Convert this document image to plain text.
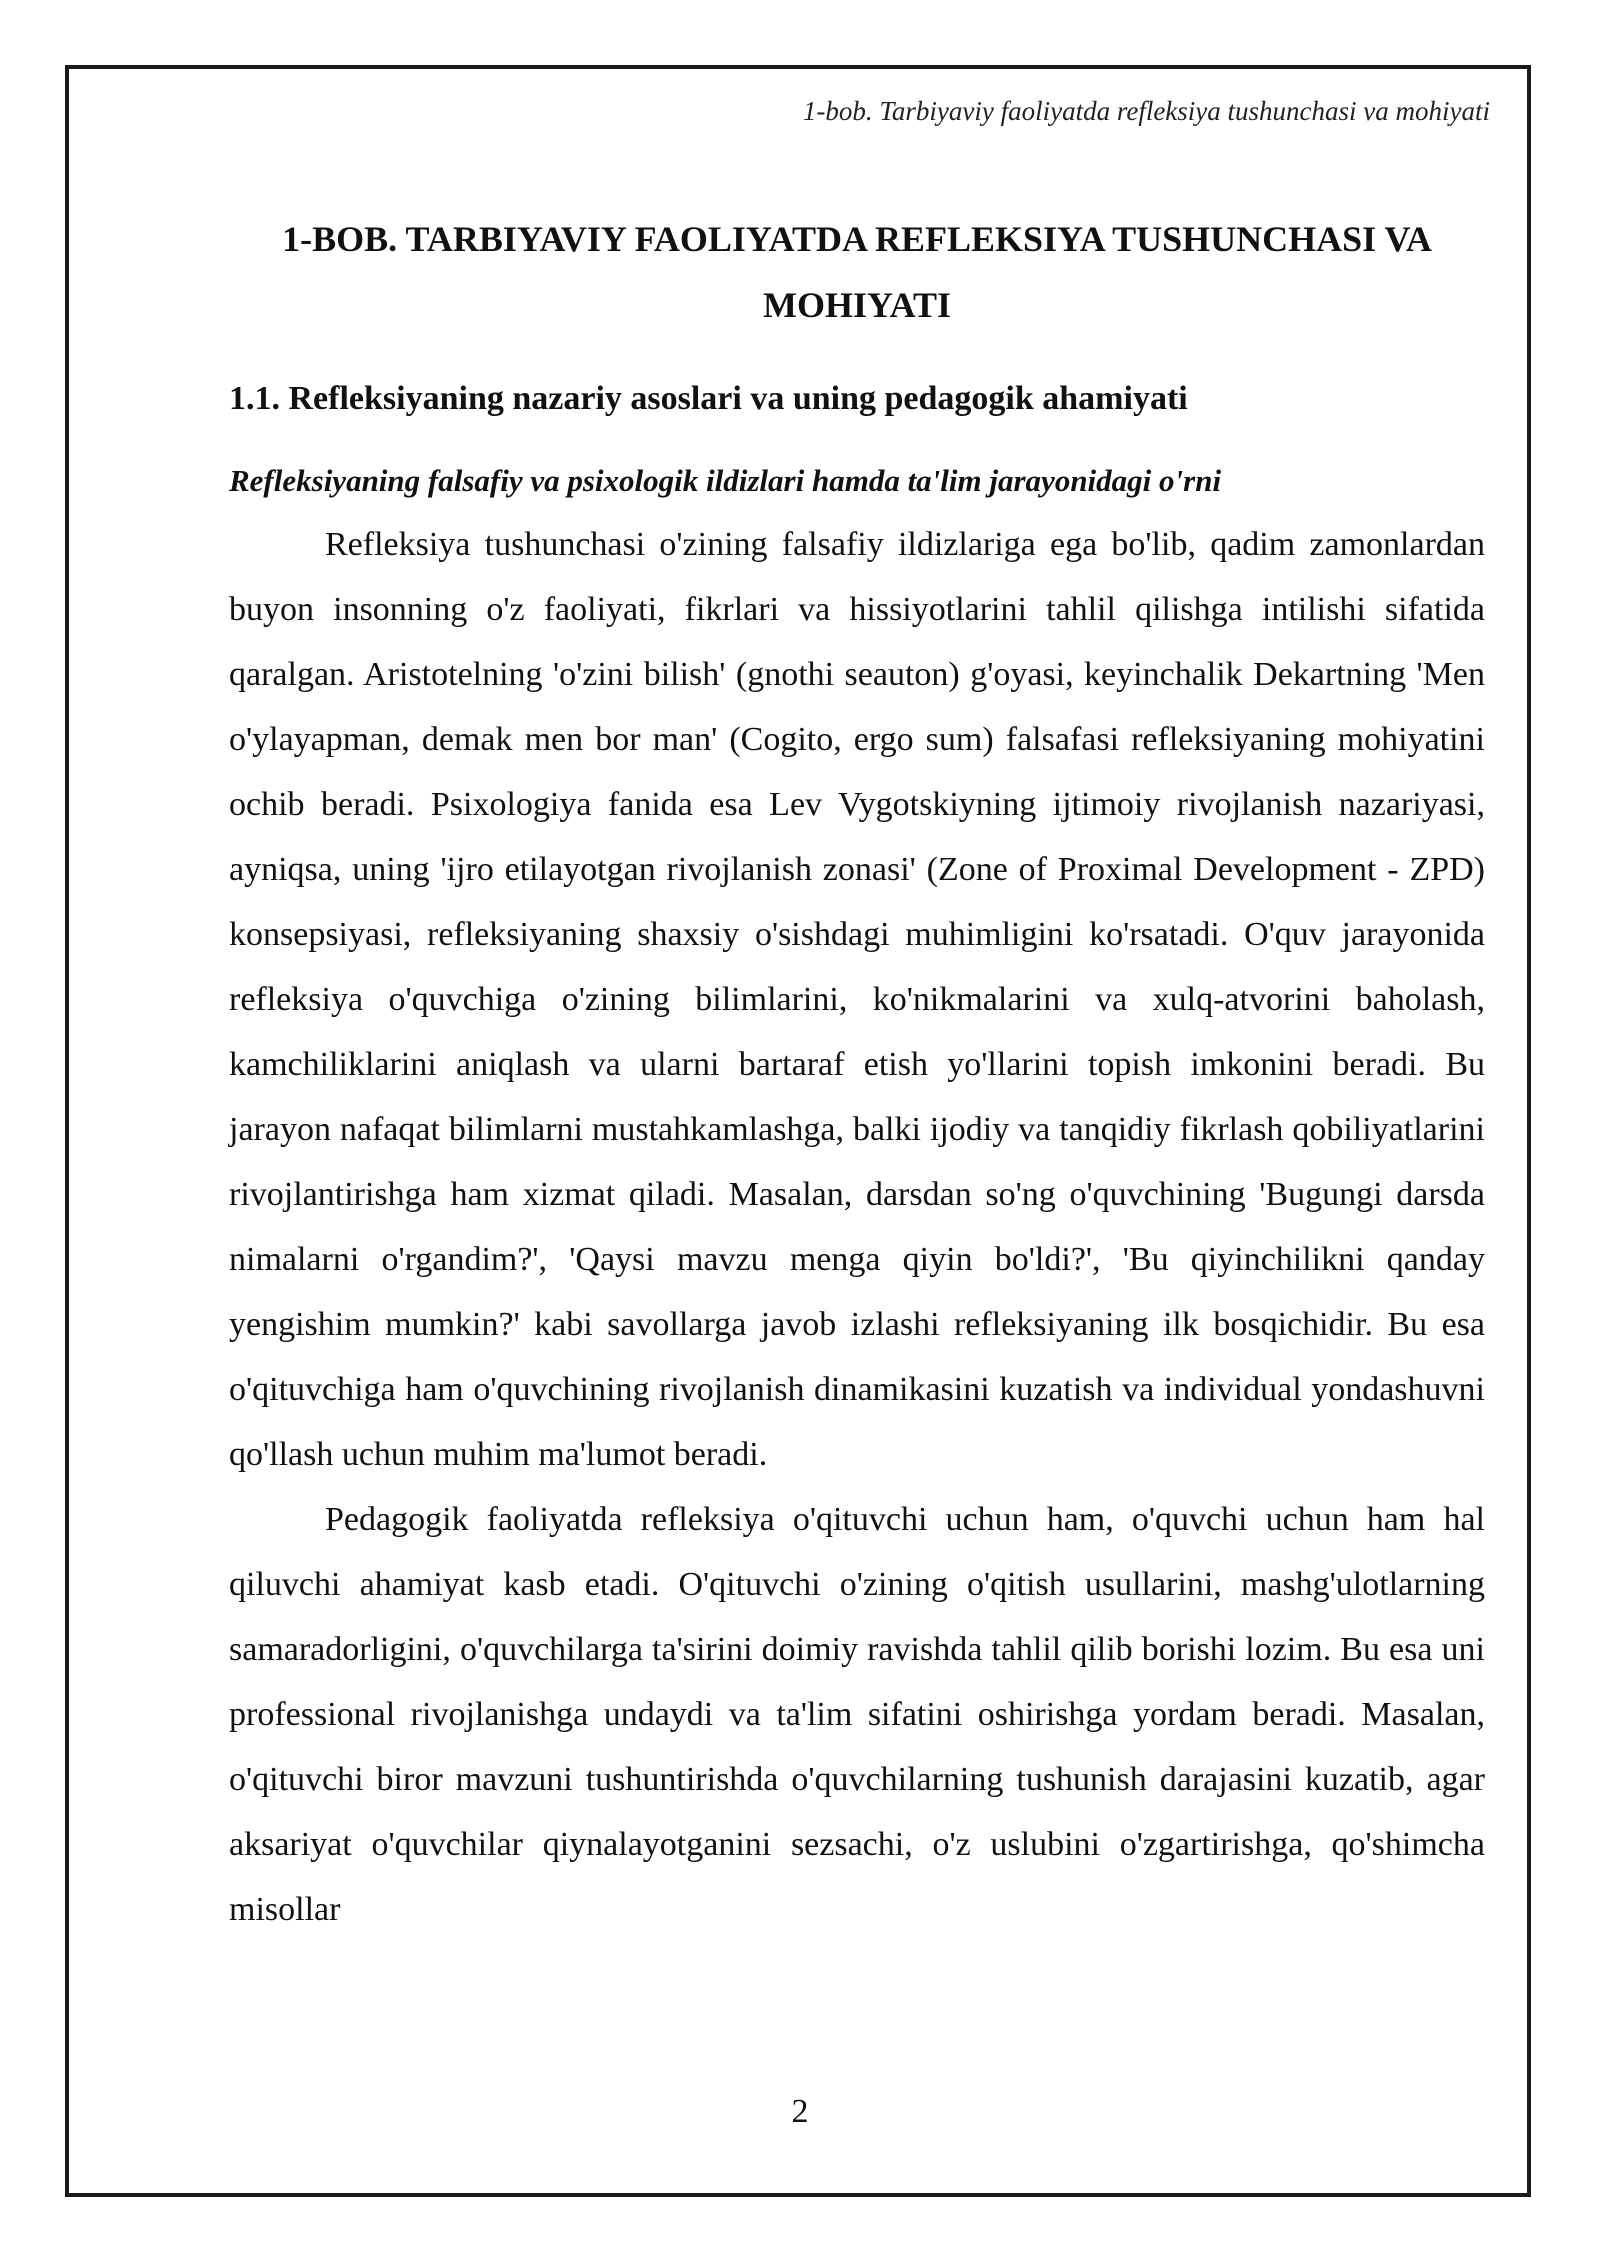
1-bob. Tarbiyaviy faoliyatda refleksiya tushunchasi va mohiyati
1-BOB. TARBIYAVIY FAOLIYATDA REFLEKSIYA TUSHUNCHASI VA MOHIYATI
1.1. Refleksiyaning nazariy asoslari va uning pedagogik ahamiyati
Refleksiyaning falsafiy va psixologik ildizlari hamda ta'lim jarayonidagi o'rni

Refleksiya tushunchasi o'zining falsafiy ildizlariga ega bo'lib, qadim zamonlardan buyon insonning o'z faoliyati, fikrlari va hissiyotlarini tahlil qilishga intilishi sifatida qaralgan. Aristotelning 'o'zini bilish' (gnothi seauton) g'oyasi, keyinchalik Dekartning 'Men o'ylayapman, demak men bor man' (Cogito, ergo sum) falsafasi refleksiyaning mohiyatini ochib beradi. Psixologiya fanida esa Lev Vygotskiyning ijtimoiy rivojlanish nazariyasi, ayniqsa, uning 'ijro etilayotgan rivojlanish zonasi' (Zone of Proximal Development - ZPD) konsepsiyasi, refleksiyaning shaxsiy o'sishdagi muhimligini ko'rsatadi. O'quv jarayonida refleksiya o'quvchiga o'zining bilimlarini, ko'nikmalarini va xulq-atvorini baholash, kamchiliklarini aniqlash va ularni bartaraf etish yo'llarini topish imkonini beradi. Bu jarayon nafaqat bilimlarni mustahkamlashga, balki ijodiy va tanqidiy fikrlash qobiliyatlarini rivojlantirishga ham xizmat qiladi. Masalan, darsdan so'ng o'quvchining 'Bugungi darsda nimalarni o'rgandim?', 'Qaysi mavzu menga qiyin bo'ldi?', 'Bu qiyinchilikni qanday yengishim mumkin?' kabi savollarga javob izlashi refleksiyaning ilk bosqichidir. Bu esa o'qituvchiga ham o'quvchining rivojlanish dinamikasini kuzatish va individual yondashuvni qo'llash uchun muhim ma'lumot beradi.

Pedagogik faoliyatda refleksiya o'qituvchi uchun ham, o'quvchi uchun ham hal qiluvchi ahamiyat kasb etadi. O'qituvchi o'zining o'qitish usullarini, mashg'ulotlarning samaradorligini, o'quvchilarga ta'sirini doimiy ravishda tahlil qilib borishi lozim. Bu esa uni professional rivojlanishga undaydi va ta'lim sifatini oshirishga yordam beradi. Masalan, o'qituvchi biror mavzuni tushuntirishda o'quvchilarning tushunish darajasini kuzatib, agar aksariyat o'quvchilar qiynalayotganini sezsachi, o'z uslubini o'zgartirishga, qo'shimcha misollar

2
